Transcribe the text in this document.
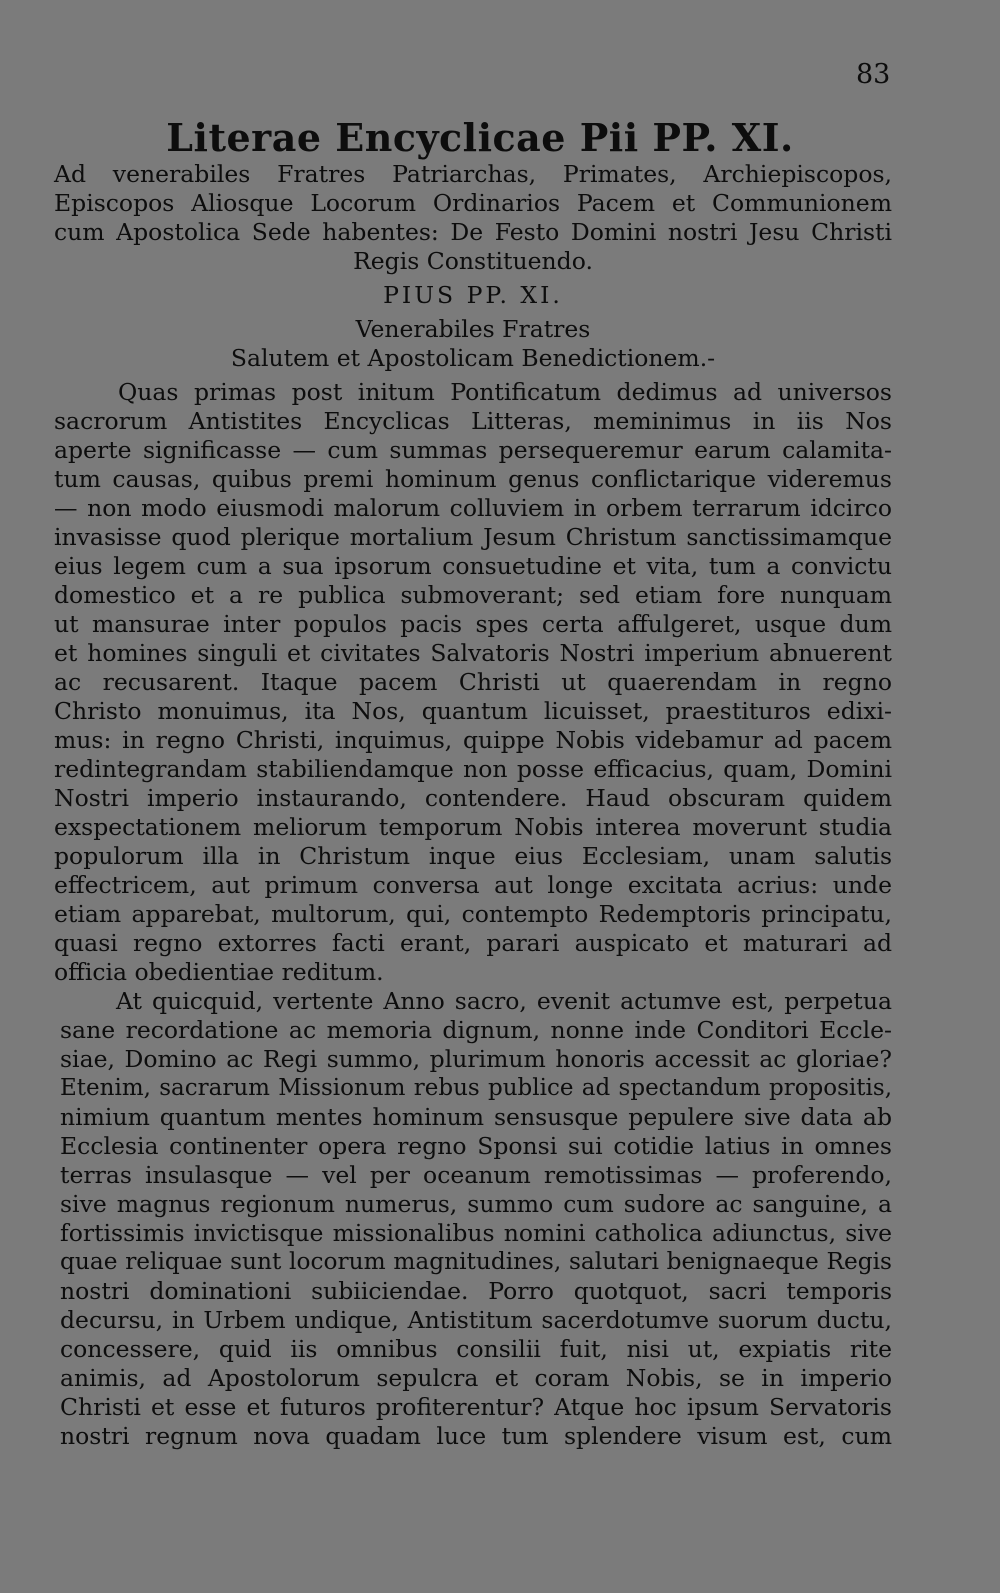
83
Literae Encyclicae Pii PP. XI.
Ad venerabiles Fratres Patriarchas, Primates, Archiepiscopos,
Episcopos Aliosque Locorum Ordinarios Pacem et Communionem
cum Apostolica Sede habentes: De Festo Domini nostri Jesu Christi
Regis Constituendo.
PIUS PP. XI.
Venerabiles Fratres
Salutem et Apostolicam Benedictionem.-
Quas primas post initum Pontificatum dedimus ad universos
sacrorum Antistites Encyclicas Litteras, meminimus in iis Nos
aperte significasse — cum summas persequeremur earum calamita-
tum causas, quibus premi hominum genus conflictarique videremus
— non modo eiusmodi malorum colluviem in orbem terrarum idcirco
invasisse quod plerique mortalium Jesum Christum sanctissimamque
eius legem cum a sua ipsorum consuetudine et vita, tum a convictu
domestico et a re publica submoverant; sed etiam fore nunquam
ut mansurae inter populos pacis spes certa affulgeret, usque dum
et homines singuli et civitates Salvatoris Nostri imperium abnuerent
ac recusarent. Itaque pacem Christi ut quaerendam in regno
Christo monuimus, ita Nos, quantum licuisset, praestituros edixi-
mus: in regno Christi, inquimus, quippe Nobis videbamur ad pacem
redintegrandam stabiliendamque non posse efficacius, quam, Domini
Nostri imperio instaurando, contendere. Haud obscuram quidem
exspectationem meliorum temporum Nobis interea moverunt studia
populorum illa in Christum inque eius Ecclesiam, unam salutis
effectricem, aut primum conversa aut longe excitata acrius: unde
etiam apparebat, multorum, qui, contempto Redemptoris principatu,
quasi regno extorres facti erant, parari auspicato et maturari ad
officia obedientiae reditum.
At quicquid, vertente Anno sacro, evenit actumve est, perpetua
sane recordatione ac memoria dignum, nonne inde Conditori Eccle-
siae, Domino ac Regi summo, plurimum honoris accessit ac gloriae?
Etenim, sacrarum Missionum rebus publice ad spectandum propositis,
nimium quantum mentes hominum sensusque pepulere sive data ab
Ecclesia continenter opera regno Sponsi sui cotidie latius in omnes
terras insulasque — vel per oceanum remotissimas — proferendo,
sive magnus regionum numerus, summo cum sudore ac sanguine, a
fortissimis invictisque missionalibus nomini catholica adiunctus, sive
quae reliquae sunt locorum magnitudines, salutari benignaeque Regis
nostri dominationi subiiciendae. Porro quotquot, sacri temporis
decursu, in Urbem undique, Antistitum sacerdotumve suorum ductu,
concessere, quid iis omnibus consilii fuit, nisi ut, expiatis rite
animis, ad Apostolorum sepulcra et coram Nobis, se in imperio
Christi et esse et futuros profiterentur? Atque hoc ipsum Servatoris
nostri regnum nova quadam luce tum splendere visum est, cum
